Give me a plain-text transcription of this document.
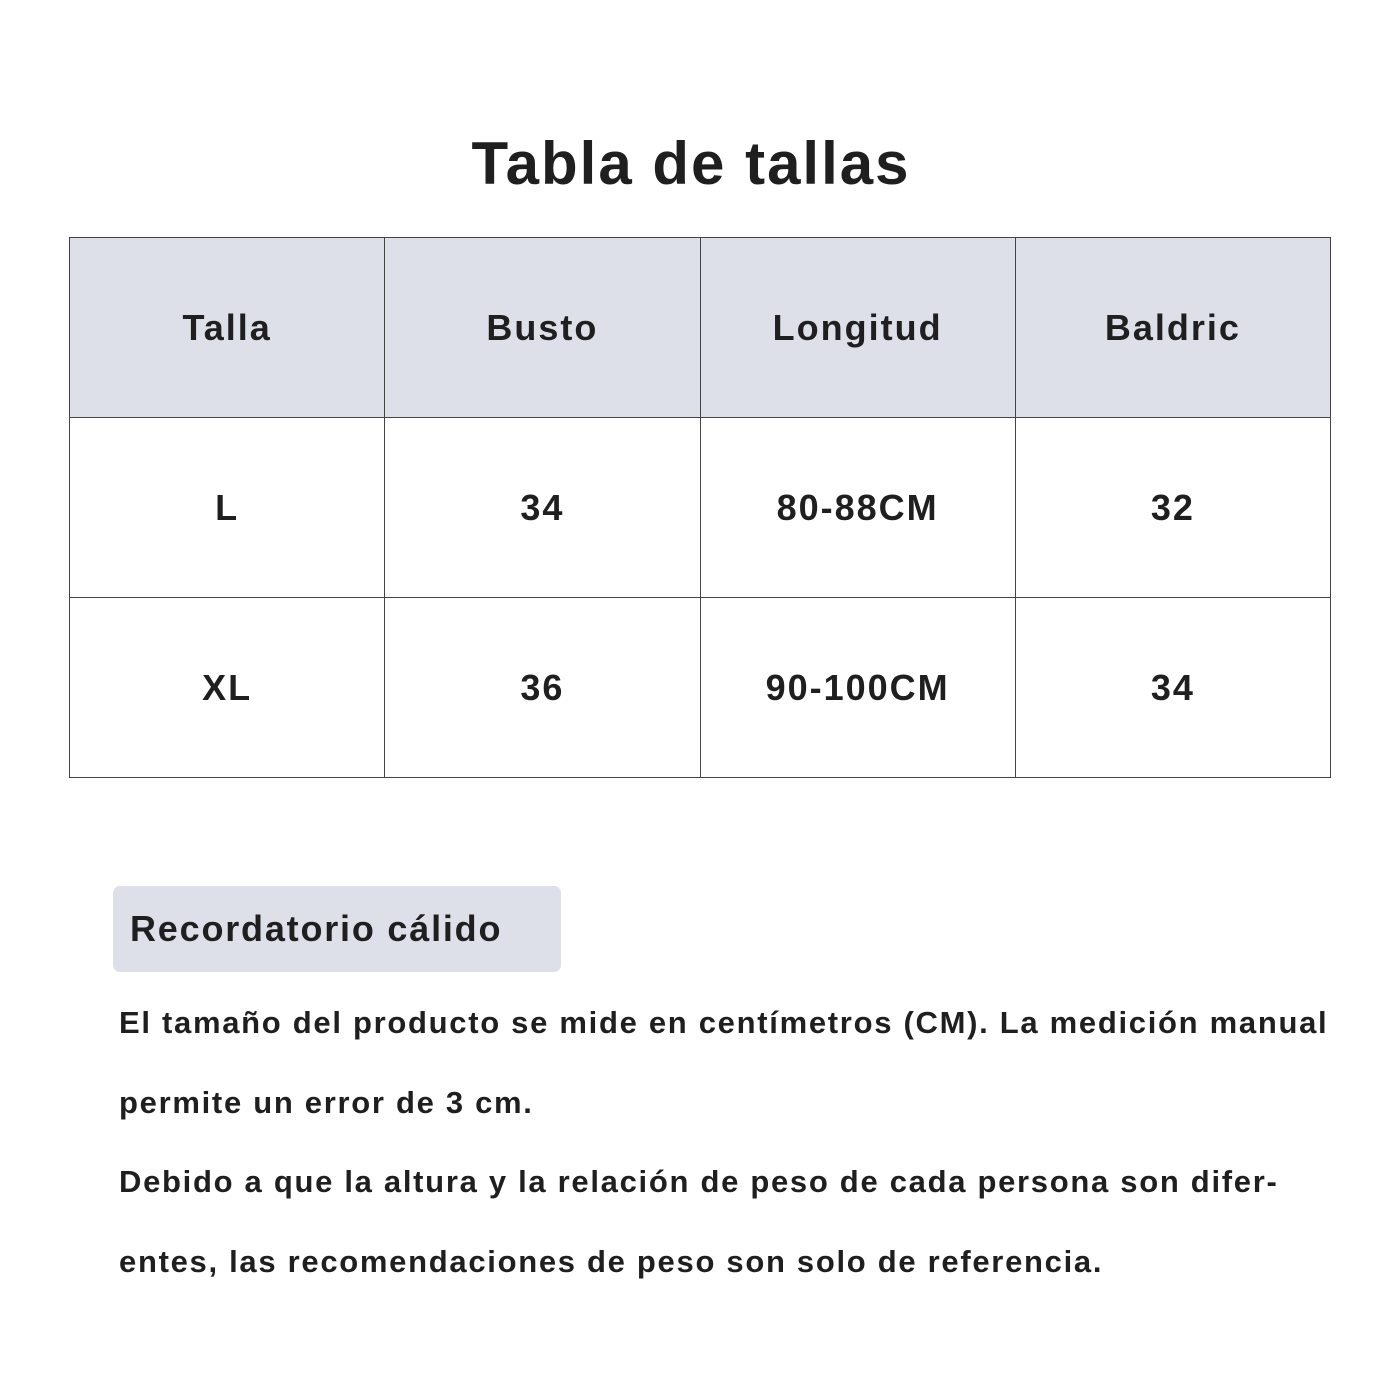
Tabla de tallas
Talla	Busto	Longitud	Baldric
L	34	80-88CM	32
XL	36	90-100CM	34
Recordatorio cálido

El tamaño del producto se mide en centímetros (CM). La medición manual permite un error de 3 cm.

Debido a que la altura y la relación de peso de cada persona son difer-entes, las recomendaciones de peso son solo de referencia.
